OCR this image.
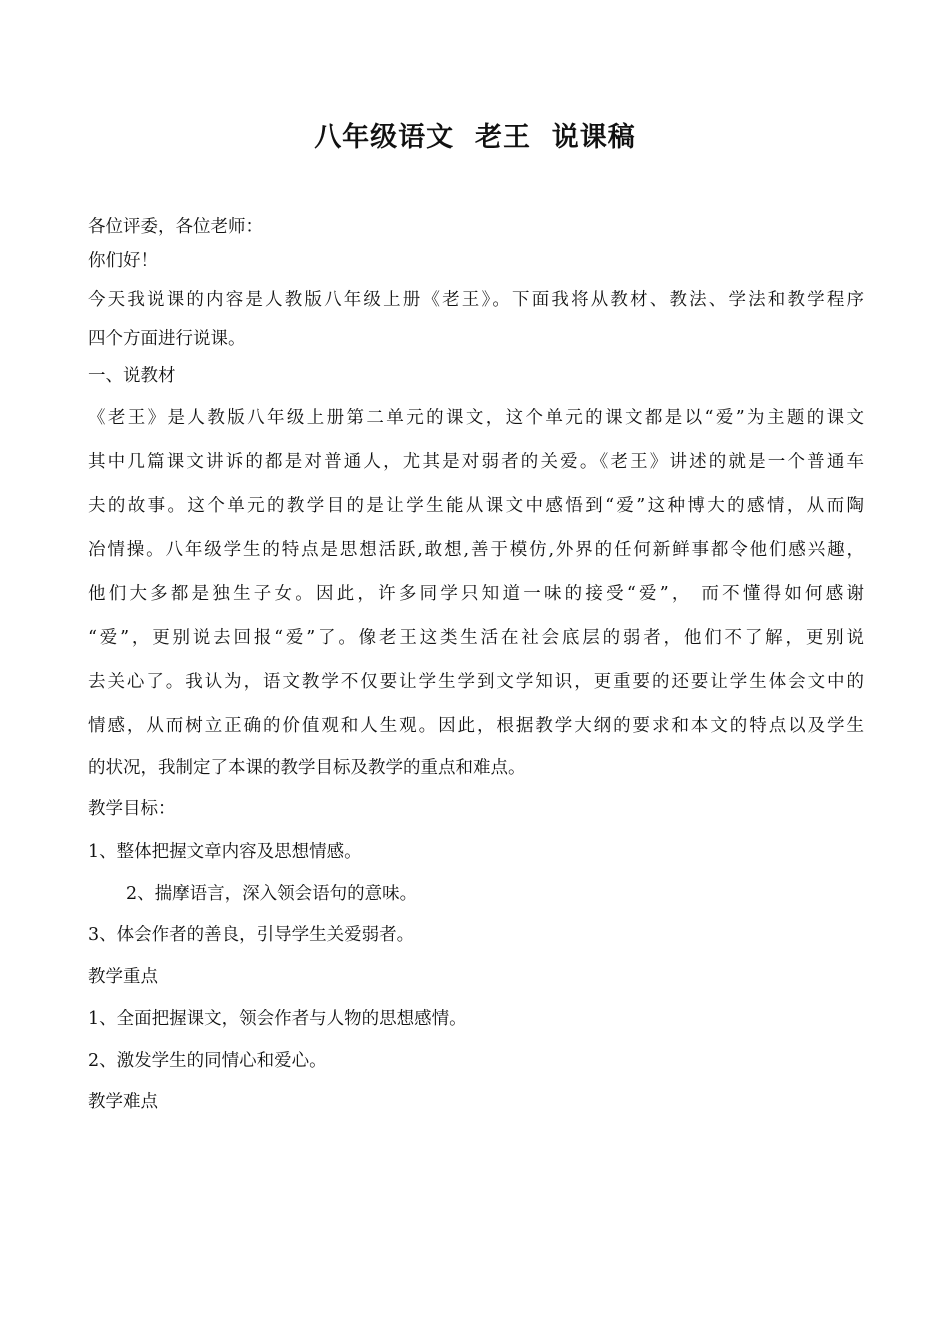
八年级语文  老王  说课稿
各位评委，各位老师：
你们好！
今天我说课的内容是人教版八年级上册《老王》。下面我将从教材、教法、学法和教学程序
四个方面进行说课。
一、说教材
《老王》是人教版八年级上册第二单元的课文，这个单元的课文都是以“爱”为主题的课文
其中几篇课文讲诉的都是对普通人，尤其是对弱者的关爱。《老王》讲述的就是一个普通车
夫的故事。这个单元的教学目的是让学生能从课文中感悟到“爱”这种博大的感情，从而陶
冶情操。八年级学生的特点是思想活跃,敢想,善于模仿,外界的任何新鲜事都令他们感兴趣，
他们大多都是独生子女。因此，许多同学只知道一味的接受“爱”， 而不懂得如何感谢
“爱”，更别说去回报“爱”了。像老王这类生活在社会底层的弱者，他们不了解，更别说
去关心了。我认为，语文教学不仅要让学生学到文学知识，更重要的还要让学生体会文中的
情感，从而树立正确的价值观和人生观。因此，根据教学大纲的要求和本文的特点以及学生
的状况，我制定了本课的教学目标及教学的重点和难点。
教学目标：
1、整体把握文章内容及思想情感。
2、揣摩语言，深入领会语句的意味。
3、体会作者的善良，引导学生关爱弱者。
教学重点
1、全面把握课文，领会作者与人物的思想感情。
2、激发学生的同情心和爱心。
教学难点
